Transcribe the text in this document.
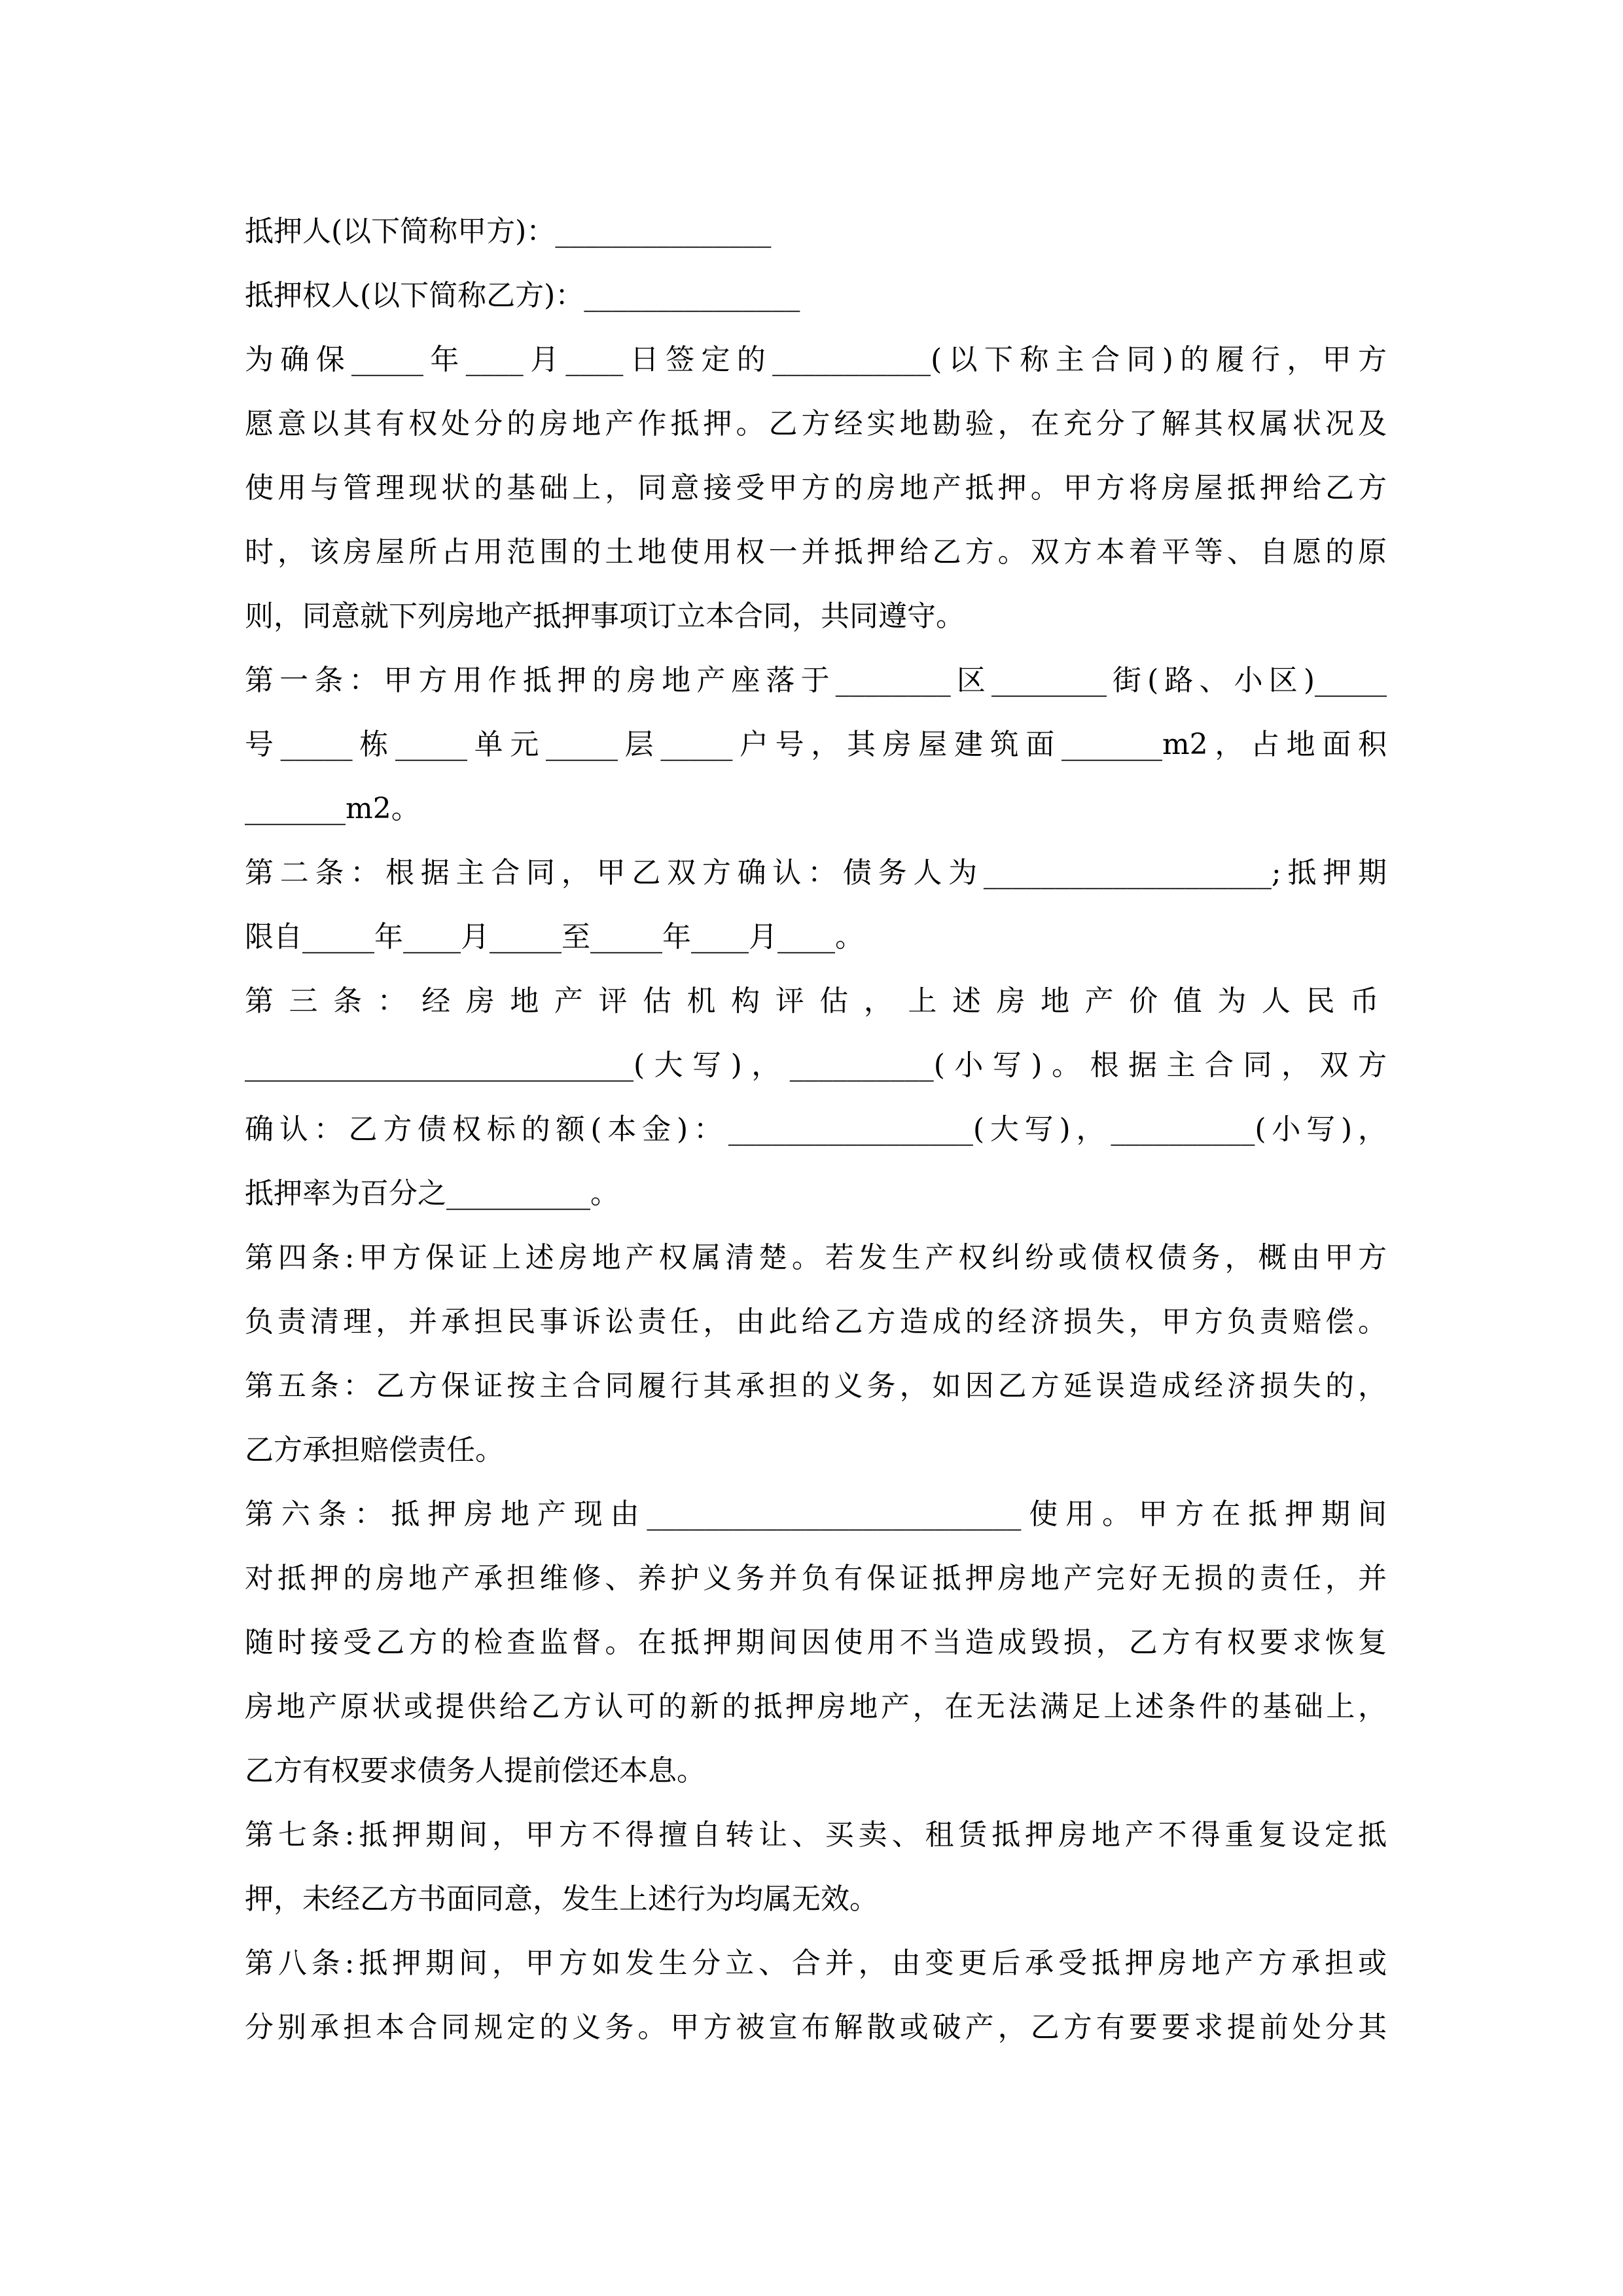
抵押人(以下简称甲方)：_______________
抵押权人(以下简称乙方)：_______________
为确保_____年____月____日签定的___________(以下称主合同)的履行，甲方
愿意以其有权处分的房地产作抵押。乙方经实地勘验，在充分了解其权属状况及
使用与管理现状的基础上，同意接受甲方的房地产抵押。甲方将房屋抵押给乙方
时，该房屋所占用范围的土地使用权一并抵押给乙方。双方本着平等、自愿的原
则，同意就下列房地产抵押事项订立本合同，共同遵守。
第一条：甲方用作抵押的房地产座落于________区________街(路、小区)_____
号_____栋_____单元_____层_____户号，其房屋建筑面_______m2，占地面积
_______m2。
第二条：根据主合同，甲乙双方确认：债务人为____________________;抵押期
限自_____年____月_____至_____年____月____。
第三条：经房地产评估机构评估，上述房地产价值为人民币
___________________________(大写)，__________(小写)。根据主合同，双方
确认：乙方债权标的额(本金)：_________________(大写)，__________(小写)，
抵押率为百分之__________。
第四条:甲方保证上述房地产权属清楚。若发生产权纠纷或债权债务，概由甲方
负责清理，并承担民事诉讼责任，由此给乙方造成的经济损失，甲方负责赔偿。
第五条：乙方保证按主合同履行其承担的义务，如因乙方延误造成经济损失的，
乙方承担赔偿责任。
第六条：抵押房地产现由__________________________使用。甲方在抵押期间
对抵押的房地产承担维修、养护义务并负有保证抵押房地产完好无损的责任，并
随时接受乙方的检查监督。在抵押期间因使用不当造成毁损，乙方有权要求恢复
房地产原状或提供给乙方认可的新的抵押房地产，在无法满足上述条件的基础上，
乙方有权要求债务人提前偿还本息。
第七条:抵押期间，甲方不得擅自转让、买卖、租赁抵押房地产不得重复设定抵
押，未经乙方书面同意，发生上述行为均属无效。
第八条:抵押期间，甲方如发生分立、合并，由变更后承受抵押房地产方承担或
分别承担本合同规定的义务。甲方被宣布解散或破产，乙方有要要求提前处分其
